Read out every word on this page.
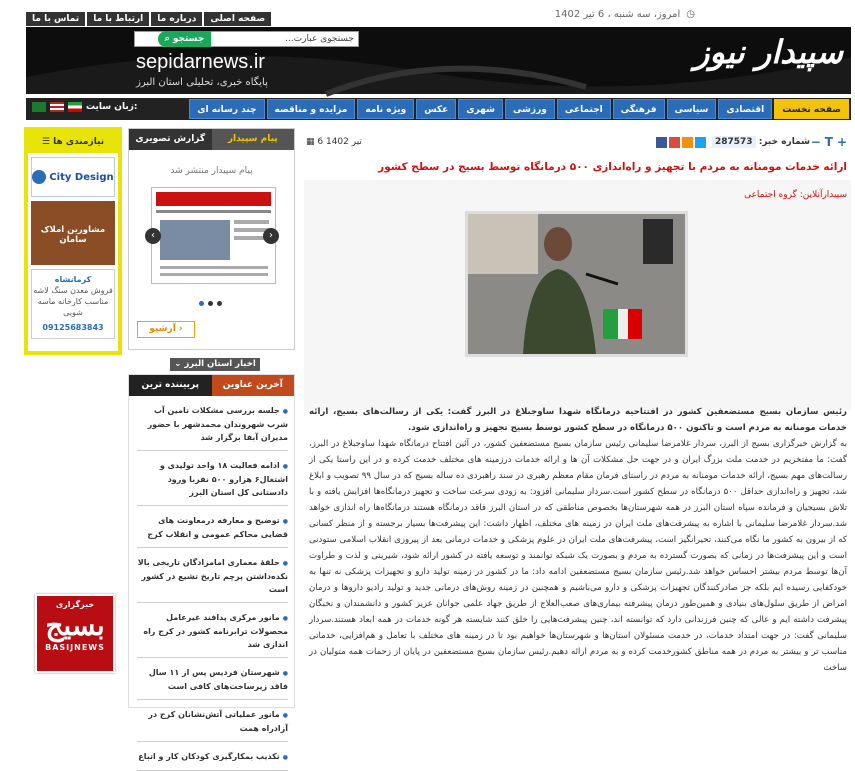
◷امروز، سه شنبه ، 6 تیر 1402
تماس با ما	ارتباط با ما	درباره ما	صفحه اصلی
سپیدار نیوز
sepidarnews.ir
پایگاه خبری، تحلیلی استان البرز
جستجوی عبارت...
⌕ جستجو
صفحه نخست
اقتصادی
سیاسی
فرهنگی
اجتماعی
ورزشی
شهری
عکس
ویژه نامه
مزایده و مناقصه
چند رسانه ای
زبان سایت:
+
T
−
شماره خبر: 287573
▦ 6 تیر 1402
ارائه خدمات مومنانه به مردم با تجهیز و راه‌اندازی ۵۰۰ درمانگاه توسط بسیج در سطح کشور
سپیدارآنلاین: گروه اجتماعی

رئیس سازمان بسیج مستضعفین کشور در افتتاحیه درمانگاه شهدا ساوجبلاغ در البرز گفت: یکی از رسالت‌های بسیج، ارائه خدمات مومنانه به مردم است و تاکنون ۵۰۰ درمانگاه در سطح کشور توسط بسیج تجهیز و راه‌اندازی شود.

به گزارش خبرگزاری بسیج از البرز، سردار غلامرضا سلیمانی رئیس سازمان بسیج مستضعفین کشور، در آئین افتتاح درمانگاه شهدا ساوجبلاغ در البرز، گفت: ما مفتخریم در خدمت ملت بزرگ ایران و در جهت حل مشکلات آن ها و ارائه خدمات درزمینه های مختلف خدمت کرده و در این راستا یکی از رسالت‌های مهم بسیج، ارائه خدمات مومنانه به مردم در راستای فرمان مقام معظم رهبری در سند راهبردی ده ساله بسیج که در سال ۹۹ تصویب و ابلاغ شد، تجهیز و راه‌اندازی حداقل ۵۰۰ درمانگاه در سطح کشور است.سردار سلیمانی افزود: به زودی سرعت ساخت و تجهیز درمانگاه‌ها افزایش یافته و با تلاش بسیجیان و فرمانده سپاه استان البرز در همه شهرستان‌ها بخصوص مناطقی که در استان البرز فاقد درمانگاه هستند درمانگاه‌ها راه اندازی خواهد شد.سردار غلامرضا سلیمانی با اشاره به پیشرفت‌های ملت ایران در زمینه های مختلف، اظهار داشت: این پیشرفت‌ها بسیار برجسته و از منظر کسانی که از بیرون به کشور ما نگاه می‌کنند، تحیرانگیز است، پیشرفت‌های ملت ایران در علوم پزشکی و خدمات درمانی بعد از پیروزی انقلاب اسلامی ستودنی است و این پیشرفت‌ها در زمانی که بصورت گسترده به مردم و بصورت یک شبکه توانمند و توسعه یافته در کشور ارائه شود، شیرینی و لذت و طراوت آن‌ها توسط مردم بیشتر احساس خواهد شد.رئیس سازمان بسیج مستضعفین ادامه داد: ما در کشور در زمینه تولید دارو و تجهیزات پزشکی نه تنها به خودکفایی رسیده ایم بلکه جز صادرکنندگان تجهیزات پزشکی و دارو می‌باشیم و همچنین در زمینه روش‌های درمانی جدید و تولید رادیو داروها و درمان امراض از طریق سلول‌های بنیادی و همین‌طور درمان پیشرفته بیماری‌های صعب‌العلاج از طریق جهاد علمی جوانان عزیز کشور و دانشمندان و نخبگان پیشرفت داشته ایم و عالی که چنین فرزندانی دارد که توانسته اند، چنین پیشرفت‌هایی را خلق کنند شایسته هر گونه خدمات در همه ابعاد هستند.سردار سلیمانی گفت: در جهت امتداد خدمات، در خدمت مسئولان استان‌ها و شهرستان‌ها خواهیم بود تا در زمینه های مختلف با تعامل و هم‌افزایی، خدماتی مناسب تر و بیشتر به مردم در همه مناطق کشورخدمت کرده و به مردم ارائه دهیم.رئیس سازمان بسیج مستضعفین در پایان از زحمات همه متولیان در ساخت

☰ نیازمندی ها
City Design
مشاورین املاک سامان
کرمانشاه
فروش معدن سنگ لاشه مناسب کارخانه ماسه شویی
09125683843
گزارش تصویری	پیام سپیدار
پیام سپیدار منتشر شد
‹	›
آرشیو ›
⌄ اخبار استان البرز
پربیننده ترین	آخرین عناوین
● جلسه بررسی مشکلات تامین آب شرب شهروندان محمدشهر با حضور مدیران آبفا برگزار شد
● ادامه فعالیت ۱۸ واحد تولیدی و اشتغال۶ هزارو ۵۰۰ نفربا ورود دادستانی کل استان البرز
● توضیح و معارفه درمعاونت های قضایی محاکم عمومی و انقلاب کرج
● حلقهٔ معماری امامزادگان تاریخی بالا نکده‌داشتن پرچم تاریخ تشیع در کشور است
● مانور مرکزی پدافند غیرعامل محصولات ترابرنامه کشور در کرج راه اندازی شد
● شهرستان فردیس پس از ۱۱ سال فاقد زیرساخت‌های کافی است
● مانور عملیاتی آتش‌نشانان کرج در آزادراه همت
● تکذیب بمکارگیری کودکان کار و اتباع
خبرگزاری
بسیج
BASIJNEWS
